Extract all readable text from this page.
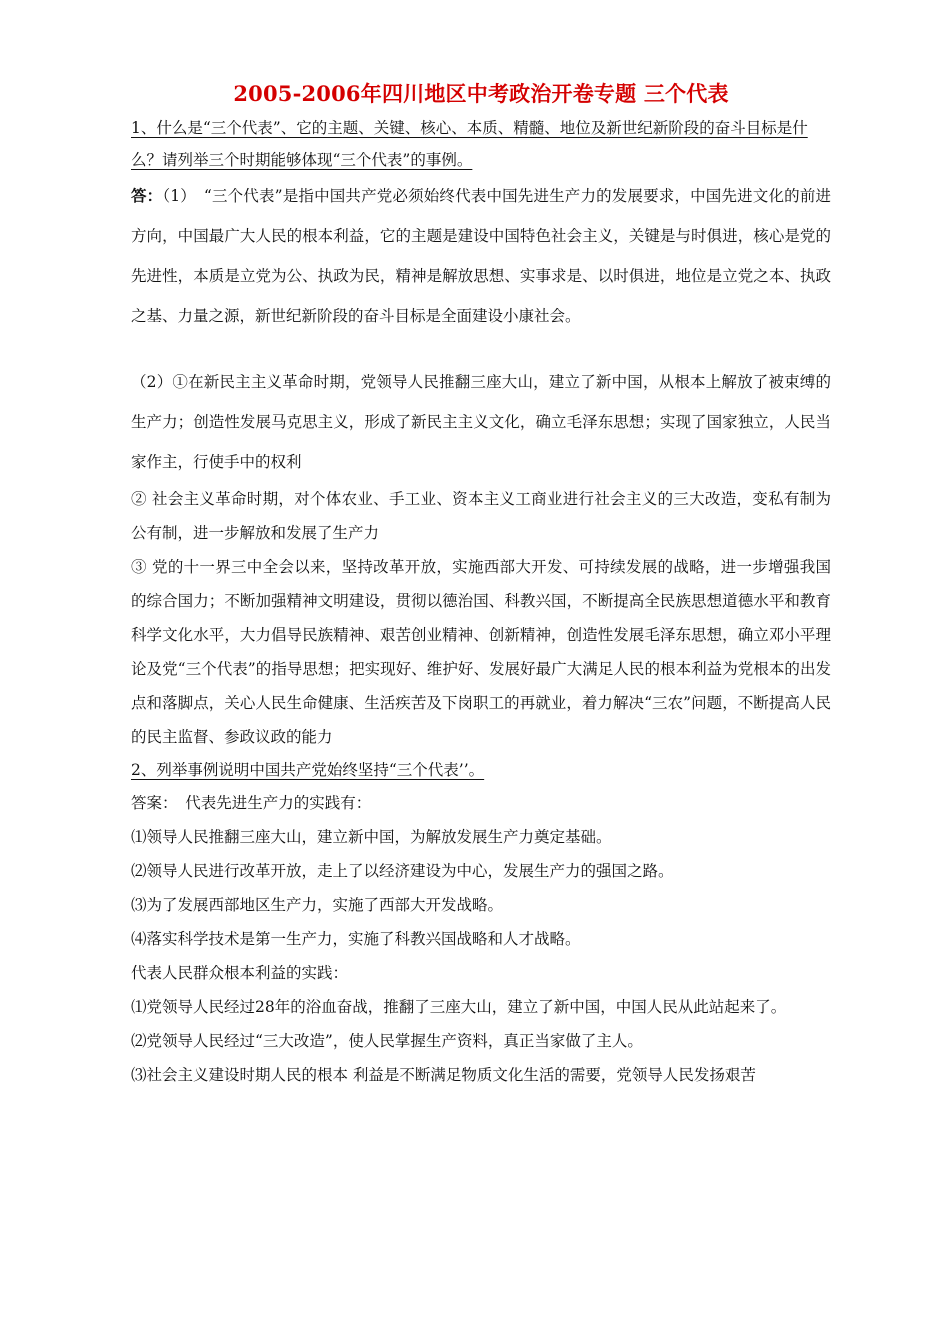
2005-2006年四川地区中考政治开卷专题 三个代表

1、什么是“三个代表”、它的主题、关键、核心、本质、精髓、地位及新世纪新阶段的奋斗目标是什么？请列举三个时期能够体现“三个代表”的事例。

答：（1）　“三个代表”是指中国共产党必须始终代表中国先进生产力的发展要求，中国先进文化的前进方向，中国最广大人民的根本利益，它的主题是建设中国特色社会主义，关键是与时俱进，核心是党的先进性，本质是立党为公、执政为民，精神是解放思想、实事求是、以时俱进，地位是立党之本、执政之基、力量之源，新世纪新阶段的奋斗目标是全面建设小康社会。

（2）①在新民主主义革命时期，党领导人民推翻三座大山，建立了新中国，从根本上解放了被束缚的生产力；创造性发展马克思主义，形成了新民主主义文化，确立毛泽东思想；实现了国家独立，人民当家作主，行使手中的权利

② 社会主义革命时期，对个体农业、手工业、资本主义工商业进行社会主义的三大改造，变私有制为公有制，进一步解放和发展了生产力

③ 党的十一界三中全会以来，坚持改革开放，实施西部大开发、可持续发展的战略，进一步增强我国的综合国力；不断加强精神文明建设，贯彻以德治国、科教兴国，不断提高全民族思想道德水平和教育科学文化水平，大力倡导民族精神、艰苦创业精神、创新精神，创造性发展毛泽东思想，确立邓小平理论及党“三个代表”的指导思想；把实现好、维护好、发展好最广大满足人民的根本利益为党根本的出发点和落脚点，关心人民生命健康、生活疾苦及下岗职工的再就业，着力解决“三农”问题，不断提高人民的民主监督、参政议政的能力

2、列举事例说明中国共产党始终坚持“三个代表’’。

答案：　代表先进生产力的实践有：

⑴领导人民推翻三座大山，建立新中国，为解放发展生产力奠定基础。

⑵领导人民进行改革开放，走上了以经济建设为中心，发展生产力的强国之路。

⑶为了发展西部地区生产力，实施了西部大开发战略。

⑷落实科学技术是第一生产力，实施了科教兴国战略和人才战略。

代表人民群众根本利益的实践：

⑴党领导人民经过28年的浴血奋战，推翻了三座大山，建立了新中国，中国人民从此站起来了。

⑵党领导人民经过“三大改造”，使人民掌握生产资料，真正当家做了主人。

⑶社会主义建设时期人民的根本 利益是不断满足物质文化生活的需要，党领导人民发扬艰苦
